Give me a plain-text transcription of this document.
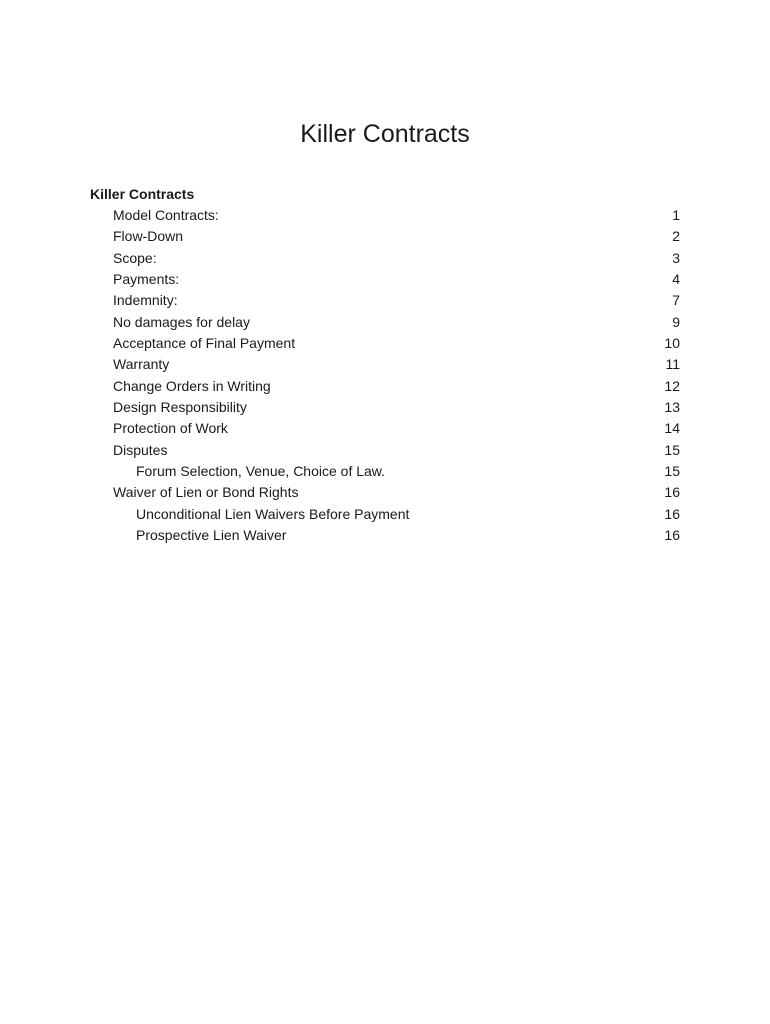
Killer Contracts
Killer Contracts
Model Contracts:	1
Flow-Down	2
Scope:	3
Payments:	4
Indemnity:	7
No damages for delay	9
Acceptance of Final Payment	10
Warranty	11
Change Orders in Writing	12
Design Responsibility	13
Protection of Work	14
Disputes	15
Forum Selection, Venue, Choice of Law.	15
Waiver of Lien or Bond Rights	16
Unconditional Lien Waivers Before Payment	16
Prospective Lien Waiver	16
